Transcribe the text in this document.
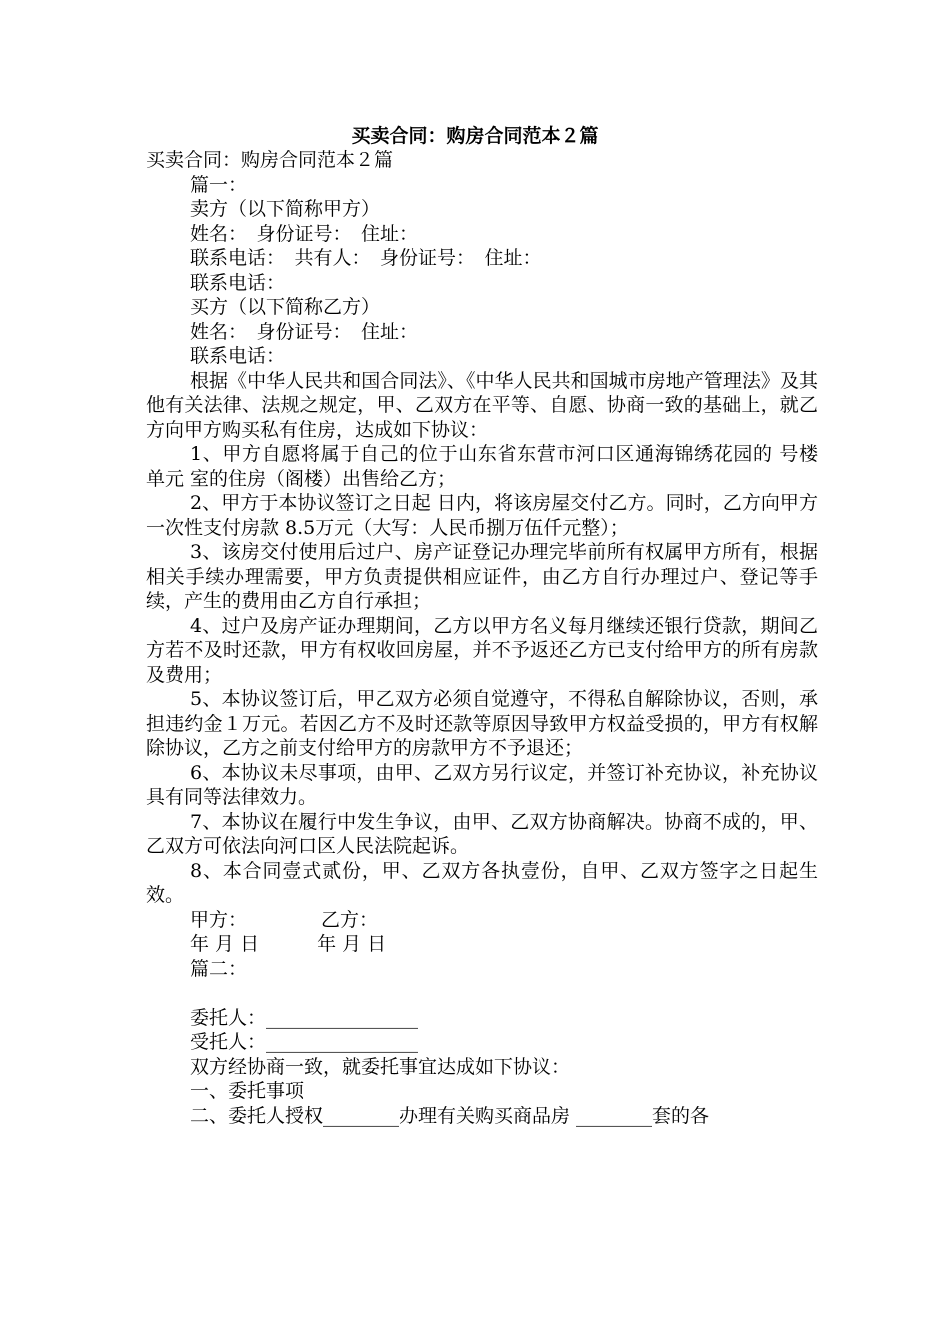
买卖合同：购房合同范本２篇

买卖合同：购房合同范本２篇

篇一：

卖方（以下简称甲方）

姓名：　身份证号：　住址：

联系电话：　共有人：　身份证号：　住址：

联系电话：

买方（以下简称乙方）

姓名：　身份证号：　住址：

联系电话：

根据《中华人民共和国合同法》、《中华人民共和国城市房地产管理法》及其他有关法律、法规之规定，甲、乙双方在平等、自愿、协商一致的基础上，就乙方向甲方购买私有住房，达成如下协议：

1、甲方自愿将属于自己的位于山东省东营市河口区通海锦绣花园的 号楼 单元 室的住房（阁楼）出售给乙方；

2、甲方于本协议签订之日起 日内，将该房屋交付乙方。同时，乙方向甲方一次性支付房款 8.5万元（大写：人民币捌万伍仟元整）；

3、该房交付使用后过户、房产证登记办理完毕前所有权属甲方所有，根据相关手续办理需要，甲方负责提供相应证件，由乙方自行办理过户、登记等手续，产生的费用由乙方自行承担；

4、过户及房产证办理期间，乙方以甲方名义每月继续还银行贷款，期间乙方若不及时还款，甲方有权收回房屋，并不予返还乙方已支付给甲方的所有房款及费用；

5、本协议签订后，甲乙双方必须自觉遵守，不得私自解除协议，否则，承担违约金１万元。若因乙方不及时还款等原因导致甲方权益受损的，甲方有权解除协议，乙方之前支付给甲方的房款甲方不予退还；

6、本协议未尽事项，由甲、乙双方另行议定，并签订补充协议，补充协议具有同等法律效力。

7、本协议在履行中发生争议，由甲、乙双方协商解决。协商不成的，甲、乙双方可依法向河口区人民法院起诉。

8、本合同壹式贰份，甲、乙双方各执壹份，自甲、乙双方签字之日起生效。

甲方：	乙方：

年 月 日	年 月 日

篇二：

委托人：________________

受托人：________________

双方经协商一致，就委托事宜达成如下协议：

一、委托事项

二、委托人授权________办理有关购买商品房 ________套的各
